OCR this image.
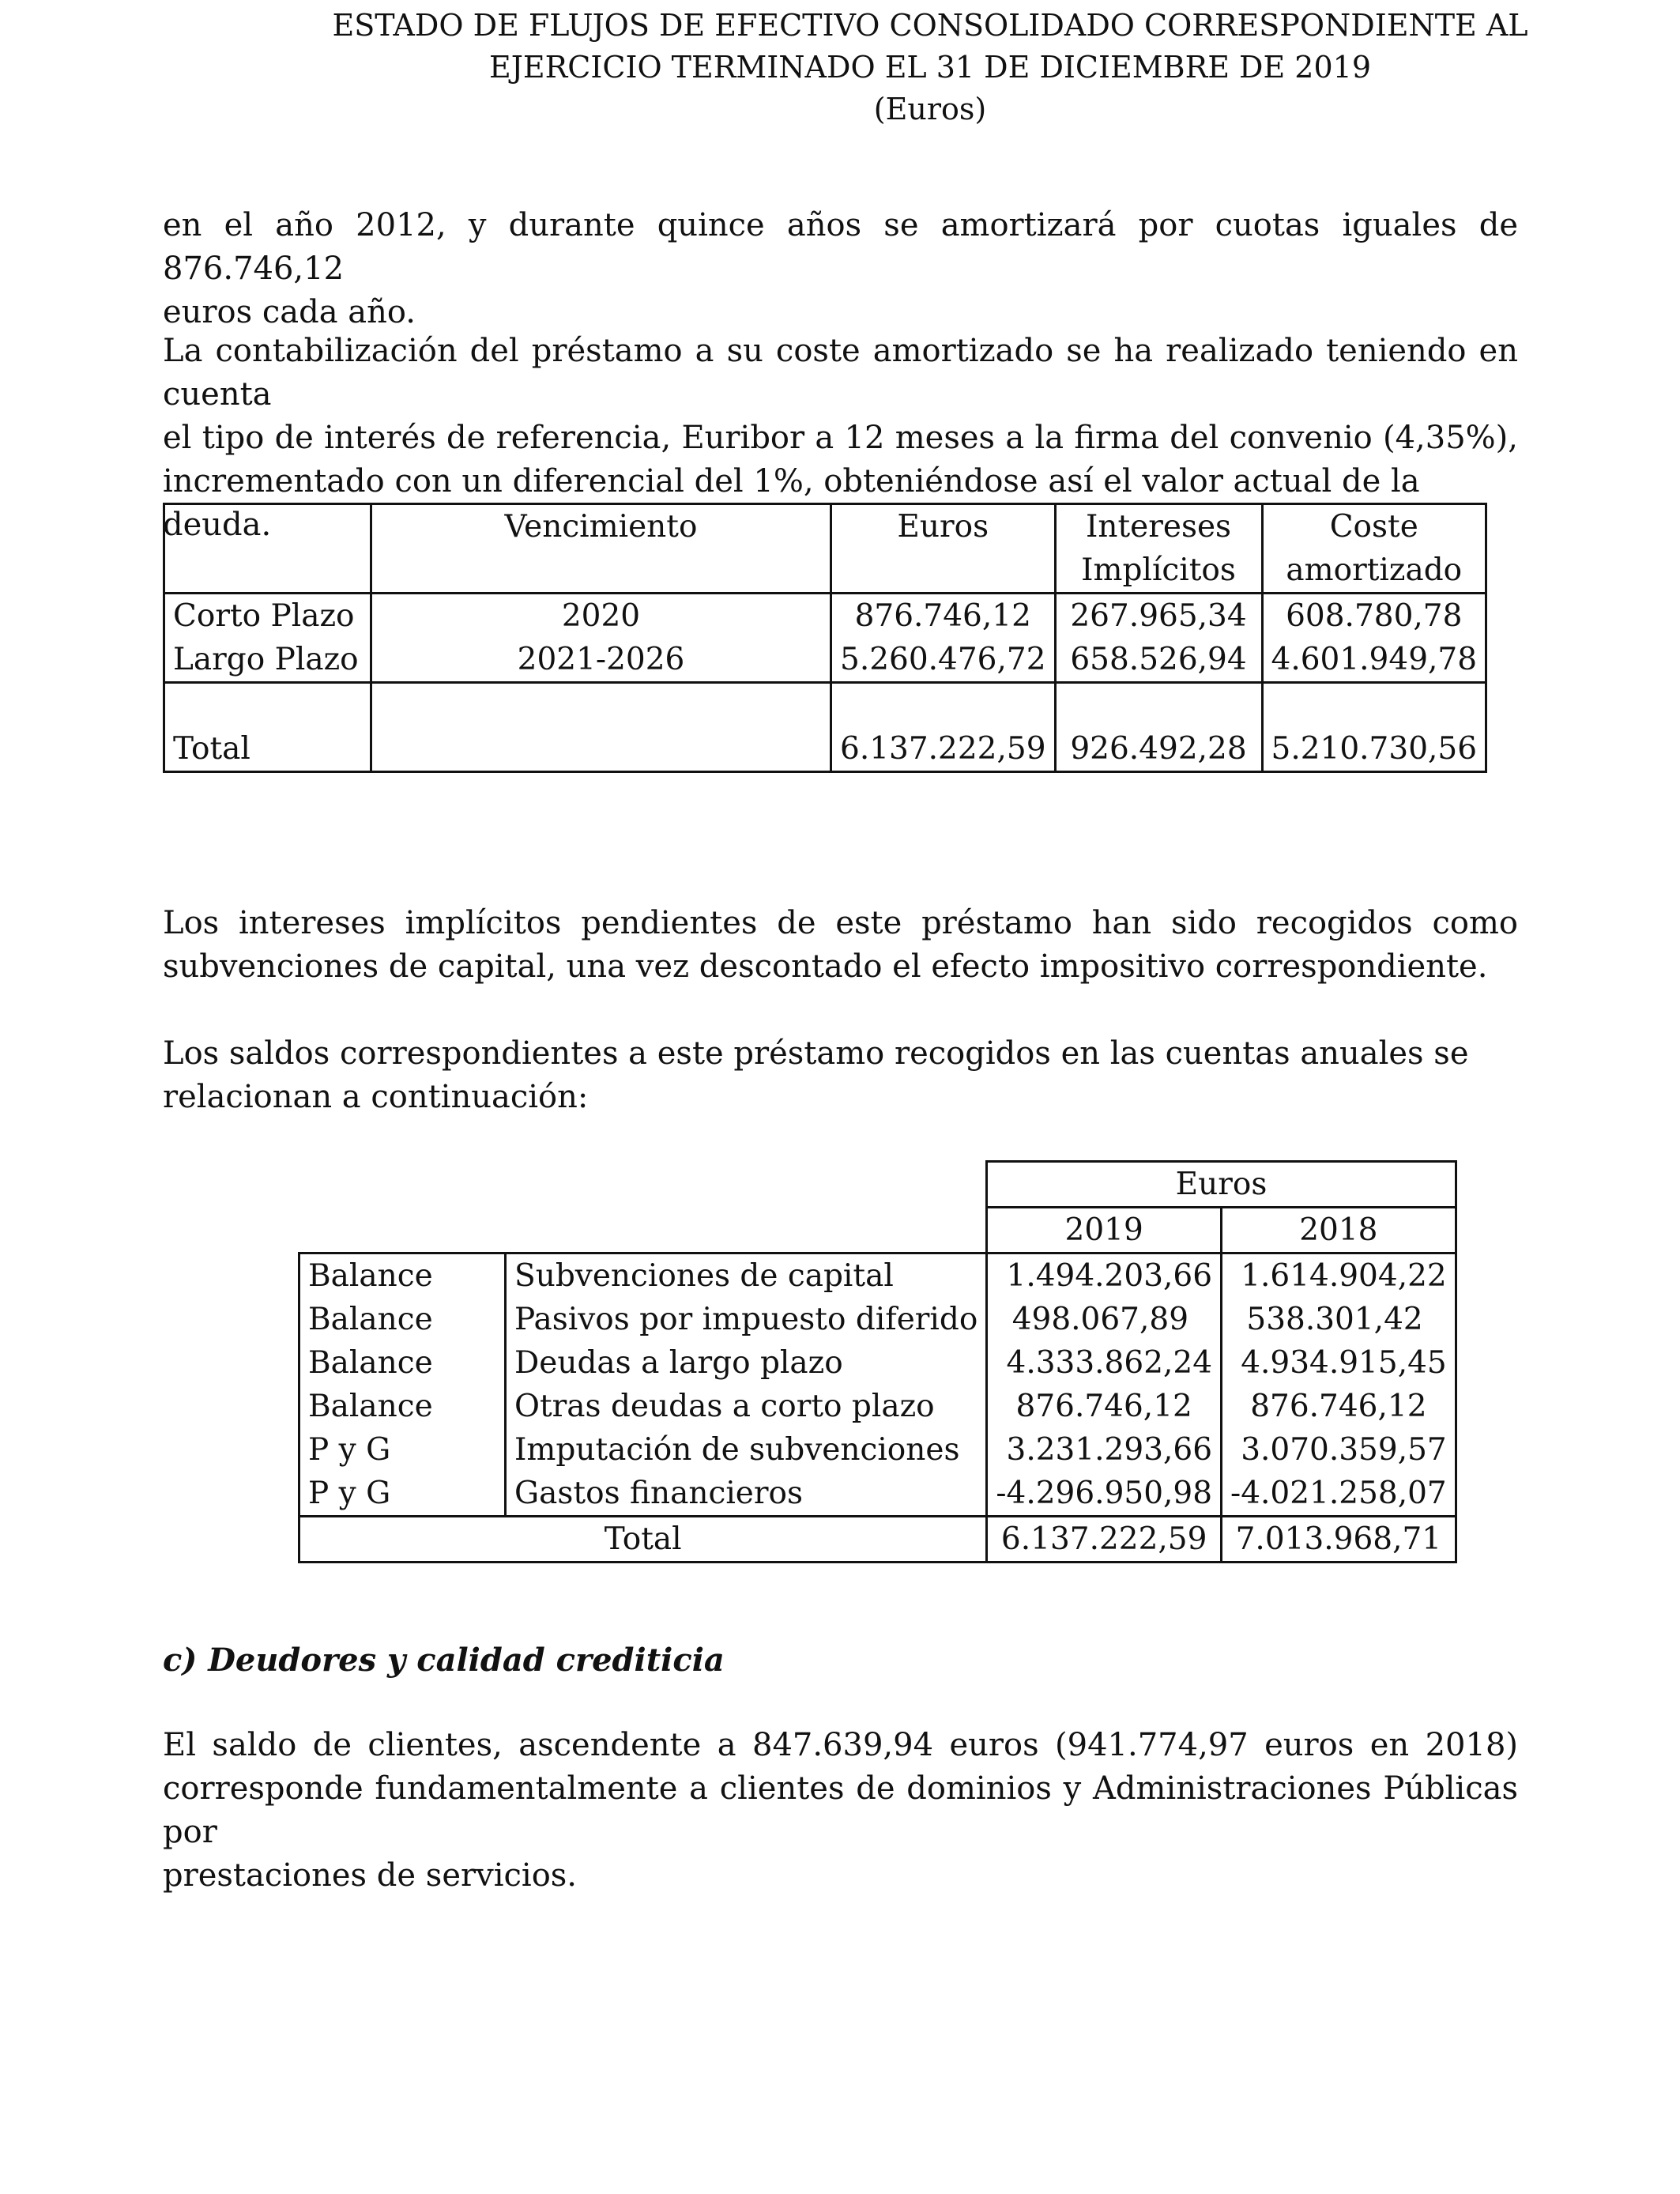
ESTADO DE FLUJOS DE EFECTIVO CONSOLIDADO CORRESPONDIENTE AL
EJERCICIO TERMINADO EL 31 DE DICIEMBRE DE 2019
(Euros)
en el año 2012, y durante quince años se amortizará por cuotas iguales de 876.746,12
euros cada año.
La contabilización del préstamo a su coste amortizado se ha realizado teniendo en cuenta
el tipo de interés de referencia, Euribor a 12 meses a la firma del convenio (4,35%),
incrementado con un diferencial del 1%, obteniéndose así el valor actual de la deuda.
		Vencimiento	Euros	Intereses	Coste
			Implícitos	amortizado
Corto Plazo	2020	876.746,12	267.965,34	608.780,78
Largo Plazo	2021-2026	5.260.476,72	658.526,94	4.601.949,78

Total		6.137.222,59	926.492,28	5.210.730,56
Los intereses implícitos pendientes de este préstamo han sido recogidos como
subvenciones de capital, una vez descontado el efecto impositivo correspondiente.
Los saldos correspondientes a este préstamo recogidos en las cuentas anuales se
relacionan a continuación:
		Euros	
		2019	2018
Balance	Subvenciones de capital	1.494.203,66	1.614.904,22
Balance	Pasivos por impuesto diferido	498.067,89	538.301,42
Balance	Deudas a largo plazo	4.333.862,24	4.934.915,45
Balance	Otras deudas a corto plazo	876.746,12	876.746,12
P y G	Imputación de subvenciones	3.231.293,66	3.070.359,57
P y G	Gastos financieros	-4.296.950,98	-4.021.258,07
Total		6.137.222,59	7.013.968,71
c) Deudores y calidad crediticia
El saldo de clientes, ascendente a 847.639,94 euros (941.774,97 euros en 2018)
corresponde fundamentalmente a clientes de dominios y Administraciones Públicas por
prestaciones de servicios.
